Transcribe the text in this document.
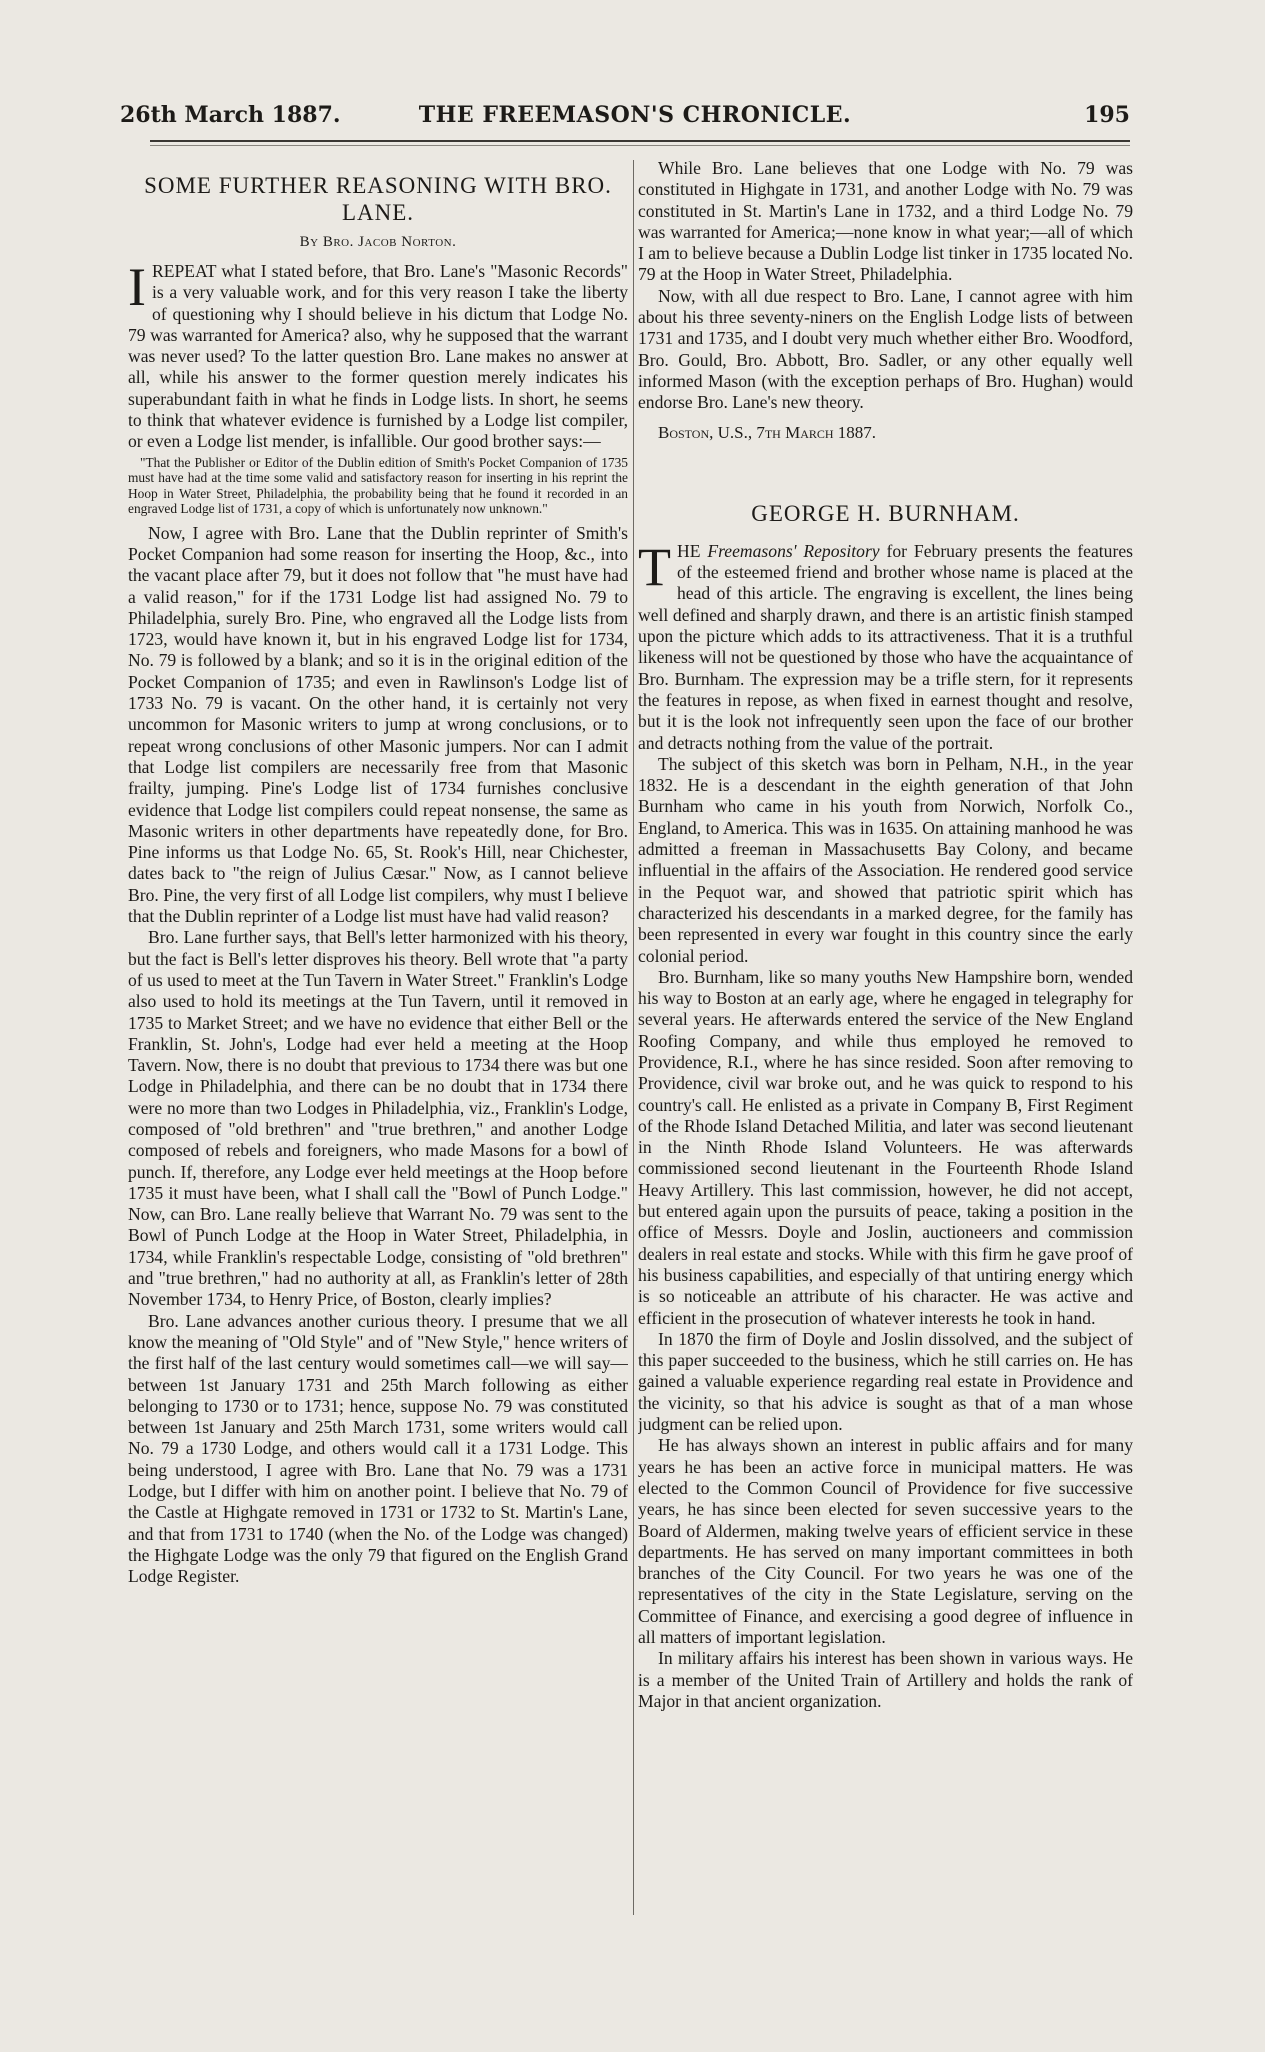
26th March 1887.	THE FREEMASON'S CHRONICLE.	195
SOME FURTHER REASONING WITH BRO. LANE.
By Bro. Jacob Norton.

IREPEAT what I stated before, that Bro. Lane's "Masonic Records" is a very valuable work, and for this very reason I take the liberty of questioning why I should believe in his dictum that Lodge No. 79 was warranted for America? also, why he supposed that the warrant was never used? To the latter question Bro. Lane makes no answer at all, while his answer to the former question merely indicates his superabundant faith in what he finds in Lodge lists. In short, he seems to think that whatever evidence is furnished by a Lodge list compiler, or even a Lodge list mender, is infallible. Our good brother says:—

"That the Publisher or Editor of the Dublin edition of Smith's Pocket Companion of 1735 must have had at the time some valid and satisfactory reason for inserting in his reprint the Hoop in Water Street, Philadelphia, the probability being that he found it recorded in an engraved Lodge list of 1731, a copy of which is unfortunately now unknown."

Now, I agree with Bro. Lane that the Dublin reprinter of Smith's Pocket Companion had some reason for inserting the Hoop, &c., into the vacant place after 79, but it does not follow that "he must have had a valid reason," for if the 1731 Lodge list had assigned No. 79 to Philadelphia, surely Bro. Pine, who engraved all the Lodge lists from 1723, would have known it, but in his engraved Lodge list for 1734, No. 79 is followed by a blank; and so it is in the original edition of the Pocket Companion of 1735; and even in Rawlinson's Lodge list of 1733 No. 79 is vacant. On the other hand, it is certainly not very uncommon for Masonic writers to jump at wrong conclusions, or to repeat wrong conclusions of other Masonic jumpers. Nor can I admit that Lodge list compilers are necessarily free from that Masonic frailty, jumping. Pine's Lodge list of 1734 furnishes conclusive evidence that Lodge list compilers could repeat nonsense, the same as Masonic writers in other departments have repeatedly done, for Bro. Pine informs us that Lodge No. 65, St. Rook's Hill, near Chichester, dates back to "the reign of Julius Cæsar." Now, as I cannot believe Bro. Pine, the very first of all Lodge list compilers, why must I believe that the Dublin reprinter of a Lodge list must have had valid reason?

Bro. Lane further says, that Bell's letter harmonized with his theory, but the fact is Bell's letter disproves his theory. Bell wrote that "a party of us used to meet at the Tun Tavern in Water Street." Franklin's Lodge also used to hold its meetings at the Tun Tavern, until it removed in 1735 to Market Street; and we have no evidence that either Bell or the Franklin, St. John's, Lodge had ever held a meeting at the Hoop Tavern. Now, there is no doubt that previous to 1734 there was but one Lodge in Philadelphia, and there can be no doubt that in 1734 there were no more than two Lodges in Philadelphia, viz., Franklin's Lodge, composed of "old brethren" and "true brethren," and another Lodge composed of rebels and foreigners, who made Masons for a bowl of punch. If, therefore, any Lodge ever held meetings at the Hoop before 1735 it must have been, what I shall call the "Bowl of Punch Lodge." Now, can Bro. Lane really believe that Warrant No. 79 was sent to the Bowl of Punch Lodge at the Hoop in Water Street, Philadelphia, in 1734, while Franklin's respectable Lodge, consisting of "old brethren" and "true brethren," had no authority at all, as Franklin's letter of 28th November 1734, to Henry Price, of Boston, clearly implies?

Bro. Lane advances another curious theory. I presume that we all know the meaning of "Old Style" and of "New Style," hence writers of the first half of the last century would sometimes call—we will say—between 1st January 1731 and 25th March following as either belonging to 1730 or to 1731; hence, suppose No. 79 was constituted between 1st January and 25th March 1731, some writers would call No. 79 a 1730 Lodge, and others would call it a 1731 Lodge. This being understood, I agree with Bro. Lane that No. 79 was a 1731 Lodge, but I differ with him on another point. I believe that No. 79 of the Castle at Highgate removed in 1731 or 1732 to St. Martin's Lane, and that from 1731 to 1740 (when the No. of the Lodge was changed) the Highgate Lodge was the only 79 that figured on the English Grand Lodge Register.

While Bro. Lane believes that one Lodge with No. 79 was constituted in Highgate in 1731, and another Lodge with No. 79 was constituted in St. Martin's Lane in 1732, and a third Lodge No. 79 was warranted for America;—none know in what year;—all of which I am to believe because a Dublin Lodge list tinker in 1735 located No. 79 at the Hoop in Water Street, Philadelphia.

Now, with all due respect to Bro. Lane, I cannot agree with him about his three seventy-niners on the English Lodge lists of between 1731 and 1735, and I doubt very much whether either Bro. Woodford, Bro. Gould, Bro. Abbott, Bro. Sadler, or any other equally well informed Mason (with the exception perhaps of Bro. Hughan) would endorse Bro. Lane's new theory.

Boston, U.S., 7th March 1887.

GEORGE H. BURNHAM.

THE Freemasons' Repository for February presents the features of the esteemed friend and brother whose name is placed at the head of this article. The engraving is excellent, the lines being well defined and sharply drawn, and there is an artistic finish stamped upon the picture which adds to its attractiveness. That it is a truthful likeness will not be questioned by those who have the acquaintance of Bro. Burnham. The expression may be a trifle stern, for it represents the features in repose, as when fixed in earnest thought and resolve, but it is the look not infrequently seen upon the face of our brother and detracts nothing from the value of the portrait.

The subject of this sketch was born in Pelham, N.H., in the year 1832. He is a descendant in the eighth generation of that John Burnham who came in his youth from Norwich, Norfolk Co., England, to America. This was in 1635. On attaining manhood he was admitted a freeman in Massachusetts Bay Colony, and became influential in the affairs of the Association. He rendered good service in the Pequot war, and showed that patriotic spirit which has characterized his descendants in a marked degree, for the family has been represented in every war fought in this country since the early colonial period.

Bro. Burnham, like so many youths New Hampshire born, wended his way to Boston at an early age, where he engaged in telegraphy for several years. He afterwards entered the service of the New England Roofing Company, and while thus employed he removed to Providence, R.I., where he has since resided. Soon after removing to Providence, civil war broke out, and he was quick to respond to his country's call. He enlisted as a private in Company B, First Regiment of the Rhode Island Detached Militia, and later was second lieutenant in the Ninth Rhode Island Volunteers. He was afterwards commissioned second lieutenant in the Fourteenth Rhode Island Heavy Artillery. This last commission, however, he did not accept, but entered again upon the pursuits of peace, taking a position in the office of Messrs. Doyle and Joslin, auctioneers and commission dealers in real estate and stocks. While with this firm he gave proof of his business capabilities, and especially of that untiring energy which is so noticeable an attribute of his character. He was active and efficient in the prosecution of whatever interests he took in hand.

In 1870 the firm of Doyle and Joslin dissolved, and the subject of this paper succeeded to the business, which he still carries on. He has gained a valuable experience regarding real estate in Providence and the vicinity, so that his advice is sought as that of a man whose judgment can be relied upon.

He has always shown an interest in public affairs and for many years he has been an active force in municipal matters. He was elected to the Common Council of Providence for five successive years, he has since been elected for seven successive years to the Board of Aldermen, making twelve years of efficient service in these departments. He has served on many important committees in both branches of the City Council. For two years he was one of the representatives of the city in the State Legislature, serving on the Committee of Finance, and exercising a good degree of influence in all matters of important legislation.

In military affairs his interest has been shown in various ways. He is a member of the United Train of Artillery and holds the rank of Major in that ancient organization.
